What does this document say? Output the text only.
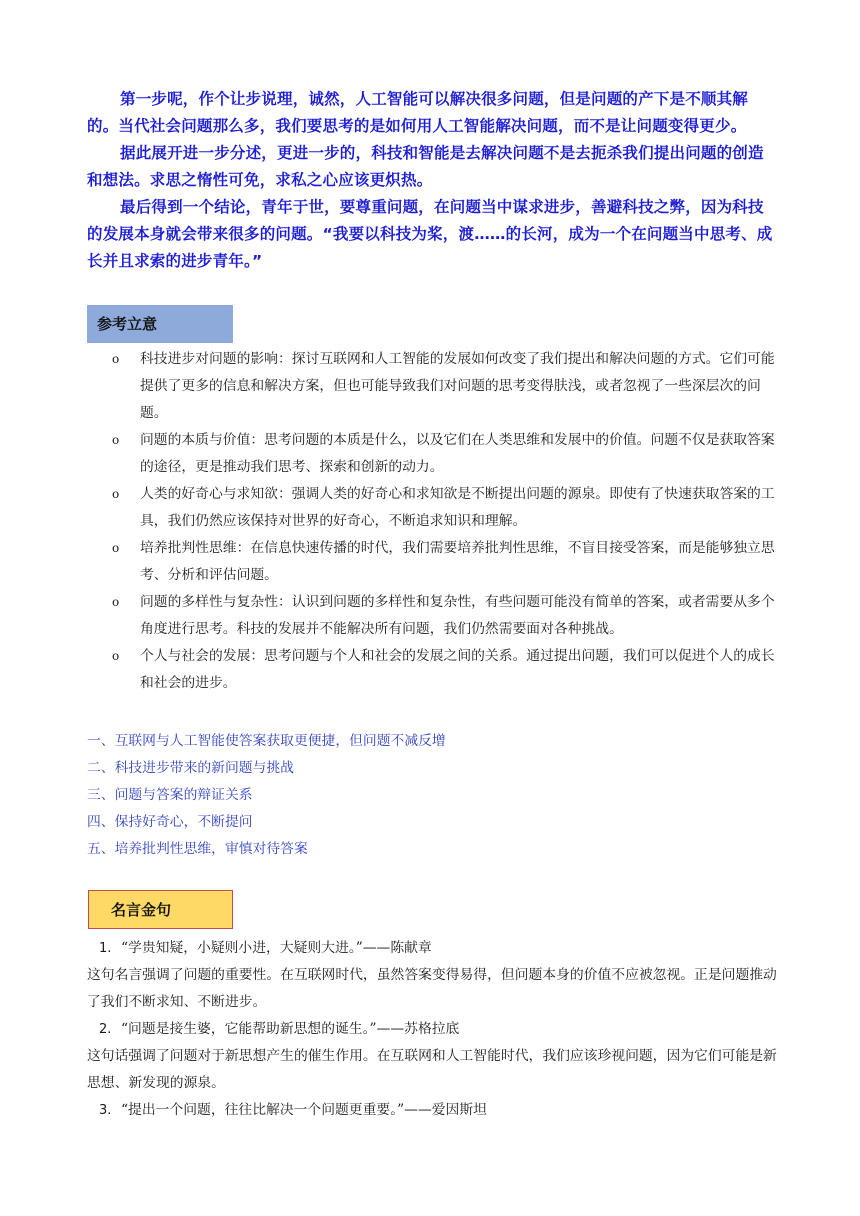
第一步呢，作个让步说理，诚然，人工智能可以解决很多问题，但是问题的产下是不顺其解的。当代社会问题那么多，我们要思考的是如何用人工智能解决问题，而不是让问题变得更少。

据此展开进一步分述，更进一步的，科技和智能是去解决问题不是去扼杀我们提出问题的创造和想法。求思之惰性可免，求私之心应该更炽热。

最后得到一个结论，青年于世，要尊重问题，在问题当中谋求进步，善避科技之弊，因为科技的发展本身就会带来很多的问题。“我要以科技为桨，渡……的长河，成为一个在问题当中思考、成长并且求索的进步青年。”

参考立意
o 科技进步对问题的影响：探讨互联网和人工智能的发展如何改变了我们提出和解决问题的方式。它们可能提供了更多的信息和解决方案，但也可能导致我们对问题的思考变得肤浅，或者忽视了一些深层次的问题。
o 问题的本质与价值：思考问题的本质是什么，以及它们在人类思维和发展中的价值。问题不仅是获取答案的途径，更是推动我们思考、探索和创新的动力。
o 人类的好奇心与求知欲：强调人类的好奇心和求知欲是不断提出问题的源泉。即使有了快速获取答案的工具，我们仍然应该保持对世界的好奇心，不断追求知识和理解。
o 培养批判性思维：在信息快速传播的时代，我们需要培养批判性思维，不盲目接受答案，而是能够独立思考、分析和评估问题。
o 问题的多样性与复杂性：认识到问题的多样性和复杂性，有些问题可能没有简单的答案，或者需要从多个角度进行思考。科技的发展并不能解决所有问题，我们仍然需要面对各种挑战。
o 个人与社会的发展：思考问题与个人和社会的发展之间的关系。通过提出问题，我们可以促进个人的成长和社会的进步。
一、互联网与人工智能使答案获取更便捷，但问题不减反增
二、科技进步带来的新问题与挑战
三、问题与答案的辩证关系
四、保持好奇心，不断提问
五、培养批判性思维，审慎对待答案
名言金句
1. “学贵知疑，小疑则小进，大疑则大进。”——陈献章

这句名言强调了问题的重要性。在互联网时代，虽然答案变得易得，但问题本身的价值不应被忽视。正是问题推动了我们不断求知、不断进步。

2. “问题是接生婆，它能帮助新思想的诞生。”——苏格拉底

这句话强调了问题对于新思想产生的催生作用。在互联网和人工智能时代，我们应该珍视问题，因为它们可能是新思想、新发现的源泉。

3. “提出一个问题，往往比解决一个问题更重要。”——爱因斯坦
